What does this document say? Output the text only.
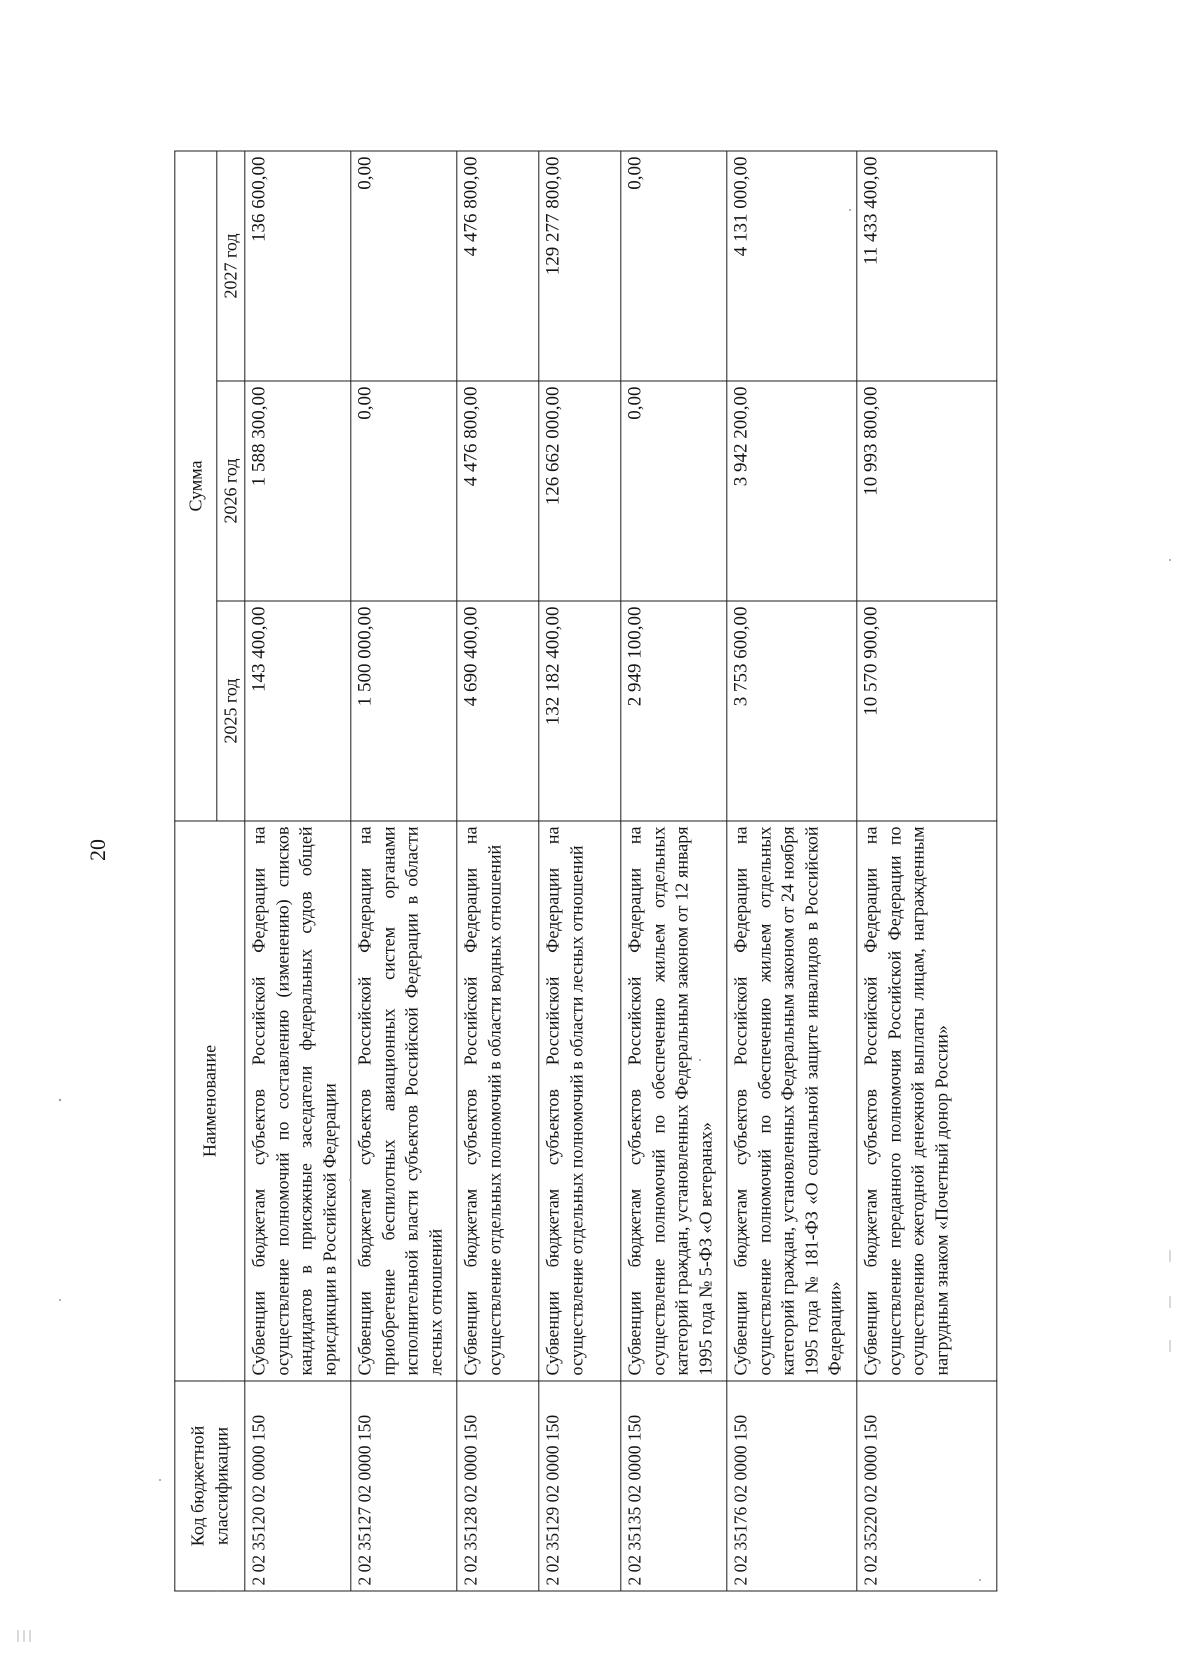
20
Код бюджетной классификации	Наименование	Сумма		
		2025 год	2026 год	2027 год
2 02 35120 02 0000 150	Субвенции бюджетам субъектов Российской Федерации на осуществление полномочий по составлению (изменению) списков кандидатов в присяжные заседатели федеральных судов общей юрисдикции в Российской Федерации	143 400,00	1 588 300,00	136 600,00
2 02 35127 02 0000 150	Субвенции бюджетам субъектов Российской Федерации на приобретение беспилотных авиационных систем органами исполнительной власти субъектов Российской Федерации в области лесных отношений	1 500 000,00	0,00	0,00
2 02 35128 02 0000 150	Субвенции бюджетам субъектов Российской Федерации на осуществление отдельных полномочий в области водных отношений	4 690 400,00	4 476 800,00	4 476 800,00
2 02 35129 02 0000 150	Субвенции бюджетам субъектов Российской Федерации на осуществление отдельных полномочий в области лесных отношений	132 182 400,00	126 662 000,00	129 277 800,00
2 02 35135 02 0000 150	Субвенции бюджетам субъектов Российской Федерации на осуществление полномочий по обеспечению жильем отдельных категорий граждан, установленных Федеральным законом от 12 января 1995 года № 5-ФЗ «О ветеранах»	2 949 100,00	0,00	0,00
2 02 35176 02 0000 150	Субвенции бюджетам субъектов Российской Федерации на осуществление полномочий по обеспечению жильем отдельных категорий граждан, установленных Федеральным законом от 24 ноября 1995 года № 181-ФЗ «О социальной защите инвалидов в Российской Федерации»	3 753 600,00	3 942 200,00	4 131 000,00
2 02 35220 02 0000 150	Субвенции бюджетам субъектов Российской Федерации на осуществление переданного полномочия Российской Федерации по осуществлению ежегодной денежной выплаты лицам, награжденным нагрудным знаком «Почетный донор России»	10 570 900,00	10 993 800,00	11 433 400,00
